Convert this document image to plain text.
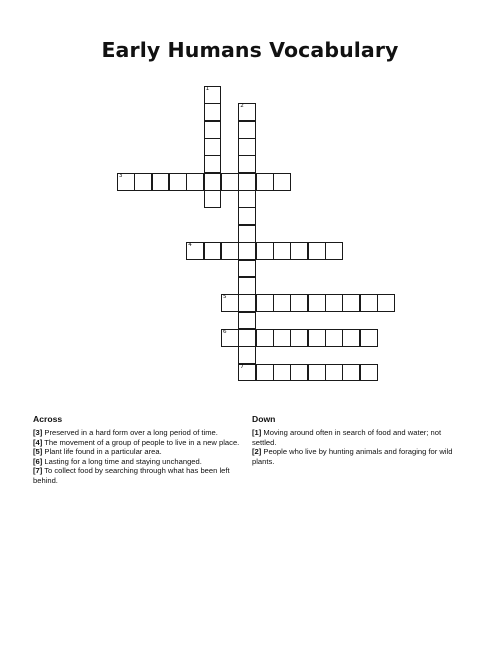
Early Humans Vocabulary
1
2
7
3
4
5
6
Across
[3] Preserved in a hard form over a long period of time.
[4] The movement of a group of people to live in a new place.
[5] Plant life found in a particular area.
[6] Lasting for a long time and staying unchanged.
[7] To collect food by searching through what has been left behind.
Down
[1] Moving around often in search of food and water; not settled.
[2] People who live by hunting animals and foraging for wild plants.
